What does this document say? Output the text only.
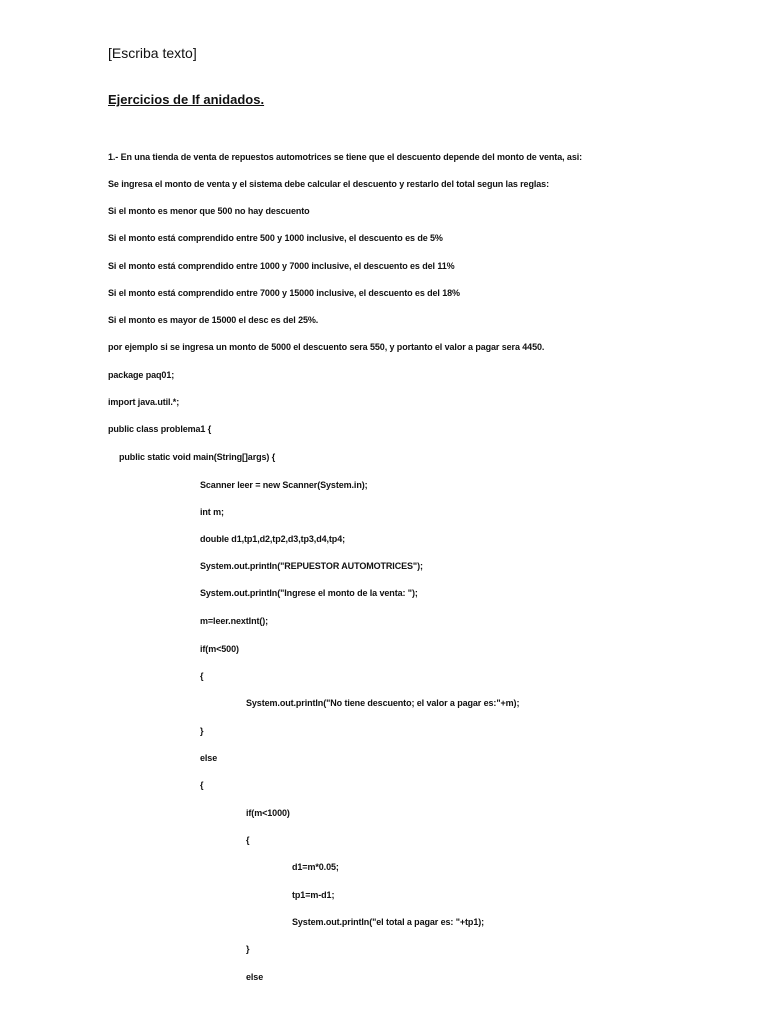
[Escriba texto]
Ejercicios de If anidados.
1.- En una tienda de venta de repuestos automotrices se tiene que el descuento depende del monto de venta, asi:
Se ingresa el monto de venta y el sistema debe calcular el descuento y restarlo del total segun las reglas:
Si el monto es menor que 500 no hay descuento
Si el monto está comprendido entre 500 y 1000 inclusive, el descuento es de 5%
Si el monto está comprendido entre 1000 y 7000 inclusive, el descuento es del 11%
Si el monto está comprendido entre 7000 y 15000 inclusive, el descuento es del 18%
Si el monto es mayor de 15000 el desc es del 25%.
por ejemplo si se ingresa un monto de 5000 el descuento sera 550, y portanto el valor a pagar sera 4450.
package paq01;
import java.util.*;
public class problema1 {
public static void main(String[]args) {
Scanner leer = new Scanner(System.in);
int m;
double d1,tp1,d2,tp2,d3,tp3,d4,tp4;
System.out.println("REPUESTOR AUTOMOTRICES");
System.out.println("Ingrese el monto de la venta: ");
m=leer.nextInt();
if(m<500)
{
System.out.println("No tiene descuento; el valor a pagar es:"+m);
}
else
{
if(m<1000)
{
d1=m*0.05;
tp1=m-d1;
System.out.println("el total a pagar es: "+tp1);
}
else
